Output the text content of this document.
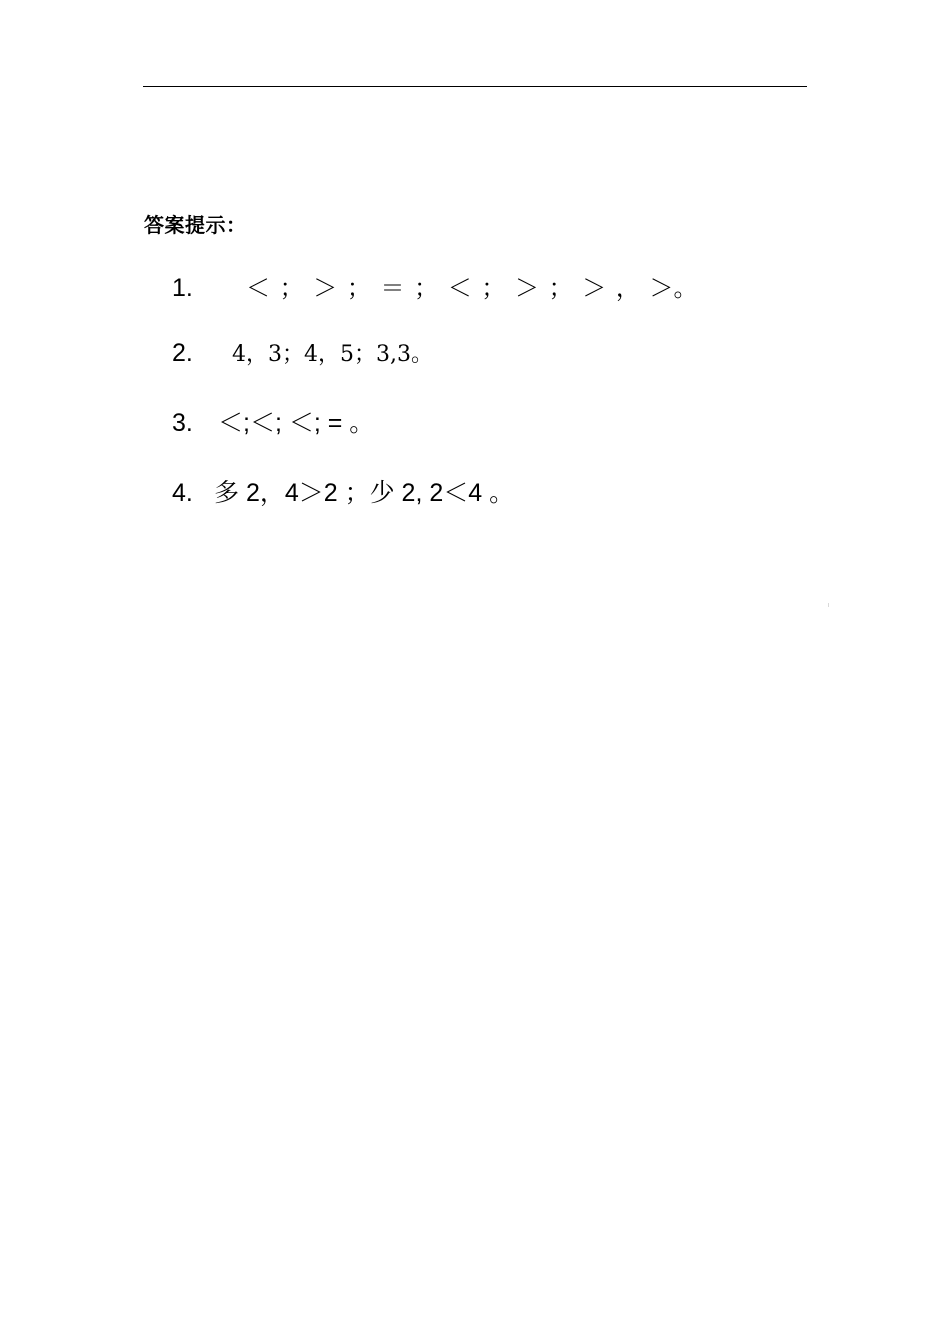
答案提示：
1. ＜ ； ＞ ； ＝ ； ＜ ； ＞ ； ＞ ， ＞。
2. 4，3；4，5；3,3。
3. ＜;＜; ＜; = 。
4. 多 2，4＞2 ；少 2, 2＜4 。
